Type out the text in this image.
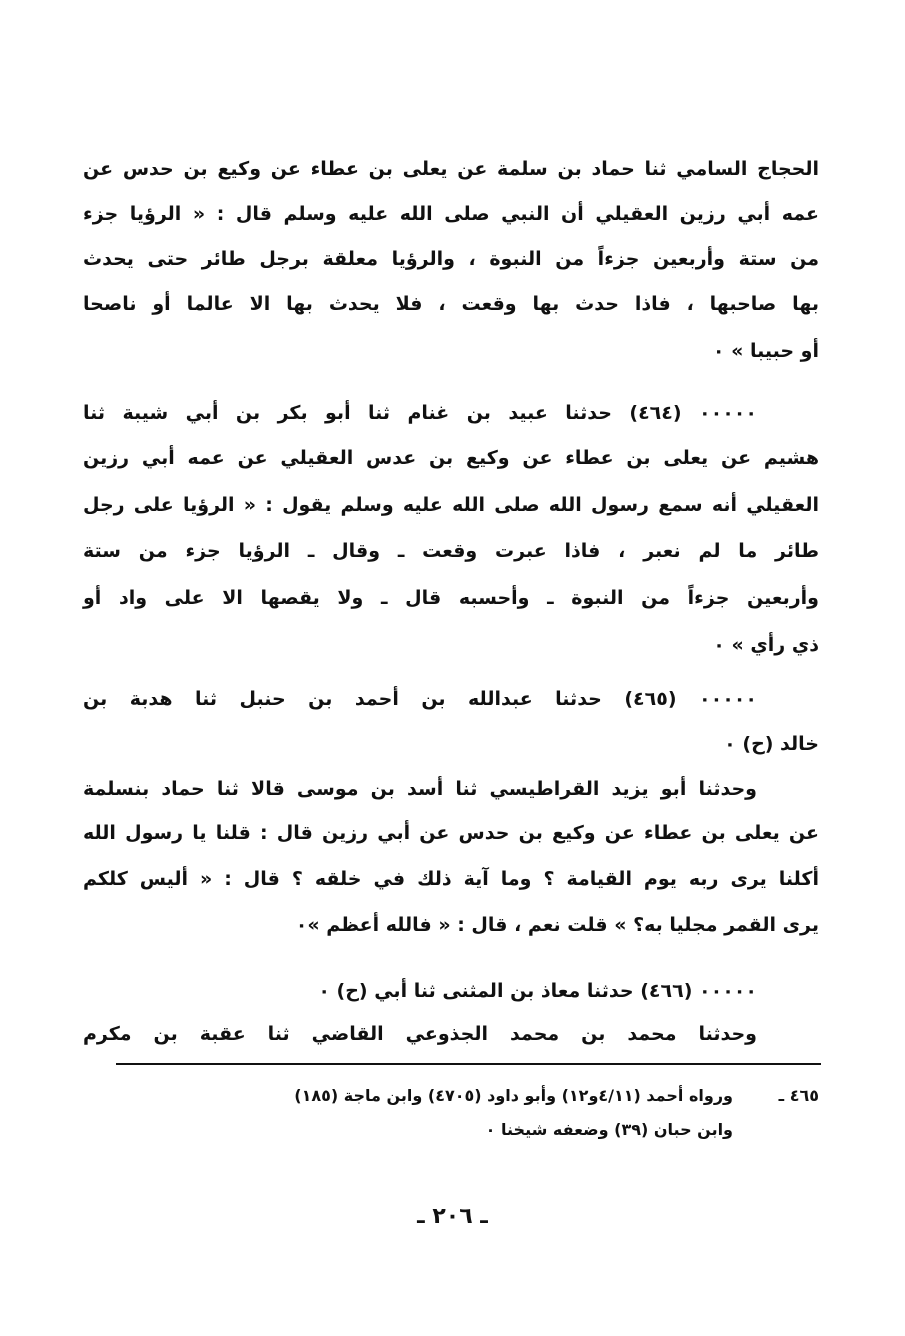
الحجاج السامي ثنا حماد بن سلمة عن يعلى بن عطاء عن وكيع بن حدس عن
عمه أبي رزين العقيلي أن النبي صلى الله عليه وسلم قال : « الرؤيا جزء
من ستة وأربعين جزءاً من النبوة ، والرؤيا معلقة برجل طائر حتى يحدث
بها صاحبها ، فاذا حدث بها وقعت ، فلا يحدث بها الا عالما أو ناصحا
أو حبيبا » ٠
٠٠٠٠٠ (٤٦٤) حدثنا عبيد بن غنام ثنا أبو بكر بن أبي شيبة ثنا
هشيم عن يعلى بن عطاء عن وكيع بن عدس العقيلي عن عمه أبي رزين
العقيلي أنه سمع رسول الله صلى الله عليه وسلم يقول : « الرؤيا على رجل
طائر ما لم نعبر ، فاذا عبرت وقعت ـ وقال ـ الرؤيا جزء من ستة
وأربعين جزءاً من النبوة ـ وأحسبه قال ـ ولا يقصها الا على واد أو
ذي رأي » ٠
٠٠٠٠٠ (٤٦٥) حدثنا عبدالله بن أحمد بن حنبل ثنا هدبة بن
خالد (ح) ٠
وحدثنا أبو يزيد القراطيسي ثنا أسد بن موسى قالا ثنا حماد بنسلمة
عن يعلى بن عطاء عن وكيع بن حدس عن أبي رزين قال : قلنا يا رسول الله
أكلنا يرى ربه يوم القيامة ؟ وما آية ذلك في خلقه ؟ قال : « أليس كلكم
يرى القمر مجليا به؟ » قلت نعم ، قال : « فالله أعظم »٠
٠٠٠٠٠ (٤٦٦) حدثنا معاذ بن المثنى ثنا أبي (ح) ٠
وحدثنا محمد بن محمد الجذوعي القاضي ثنا عقبة بن مكرم
٤٦٥ ـورواه أحمد (٤/١١و١٢) وأبو داود (٤٧٠٥) وابن ماجة (١٨٥)
وابن حبان (٣٩) وضعفه شيخنا ٠
ـ ٢٠٦ ـ
